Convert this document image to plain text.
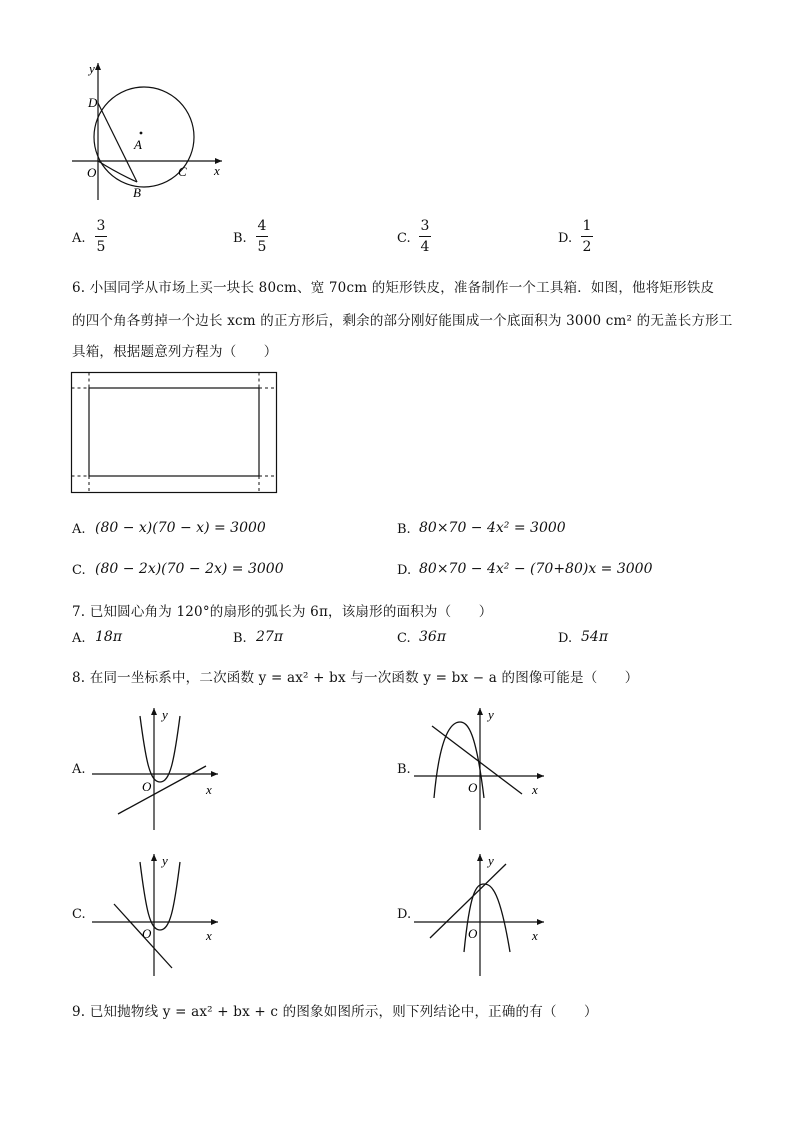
y
x
D
A
O
B
C
A.
3
5
B.
4
5
C.
3
4
D.
1
2
6. 小国同学从市场上买一块长 80cm、宽 70cm 的矩形铁皮，准备制作一个工具箱．如图，他将矩形铁皮
的四个角各剪掉一个边长 xcm 的正方形后，剩余的部分刚好能围成一个底面积为 3000 cm² 的无盖长方形工
具箱，根据题意列方程为（　　）
A. (80 − x)(70 − x) = 3000	B. 80×70 − 4x² = 3000
C. (80 − 2x)(70 − 2x) = 3000	D. 80×70 − 4x² − (70+80)x = 3000
7. 已知圆心角为 120°的扇形的弧长为 6π，该扇形的面积为（　　）
A. 18π	B. 27π	C. 36π	D. 54π
8. 在同一坐标系中，二次函数 y = ax² + bx 与一次函数 y = bx − a 的图像可能是（　　）
A.
y
x
O
B.
y
x
O
C.
y
x
O
D.
y
x
O
9. 已知抛物线 y = ax² + bx + c 的图象如图所示，则下列结论中，正确的有（　　）
